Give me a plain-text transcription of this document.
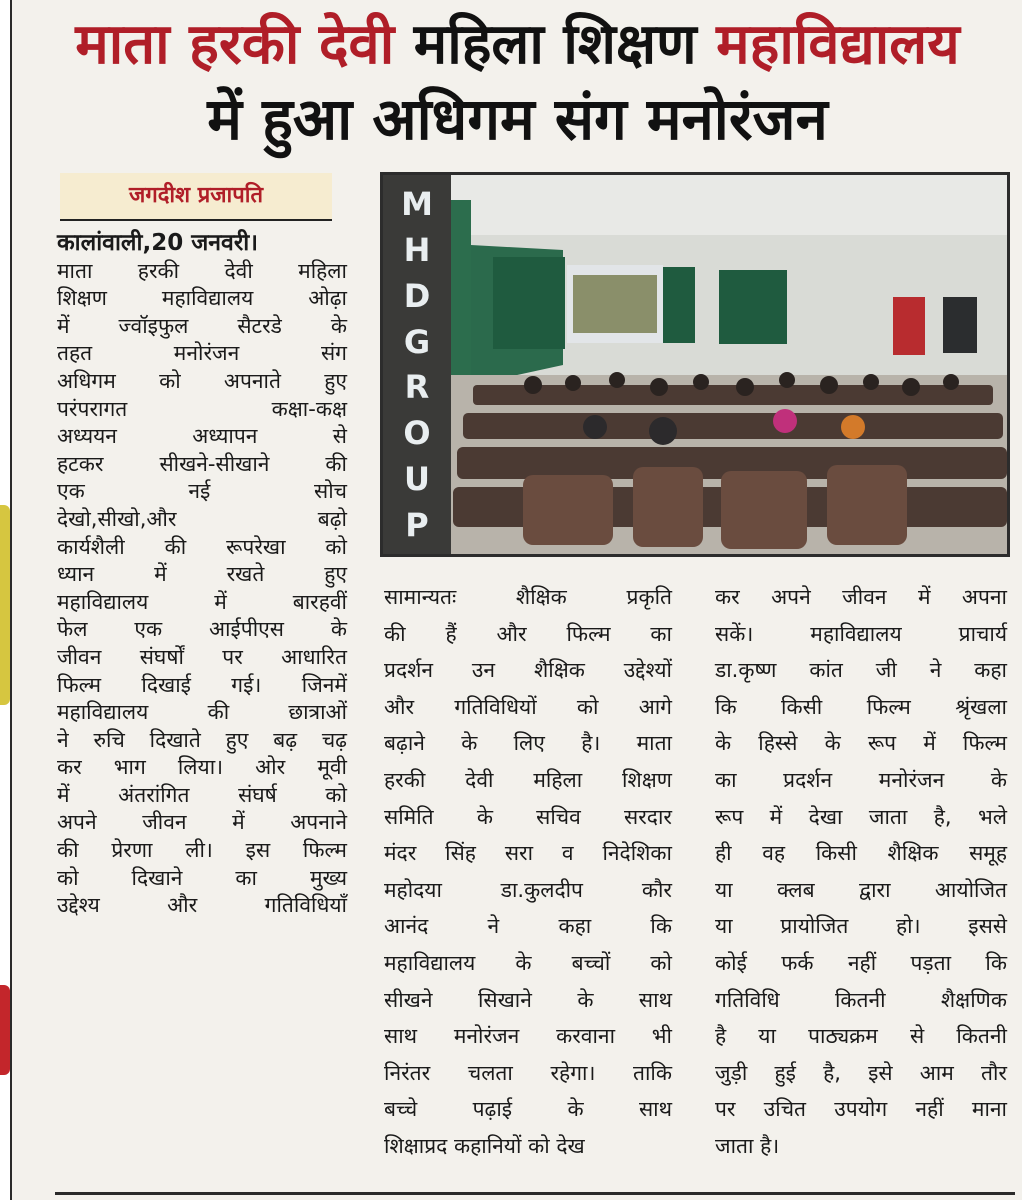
माता हरकी देवी महिला शिक्षण महाविद्यालय
में हुआ अधिगम संग मनोरंजन
जगदीश प्रजापति	M
H
D
G
R
O
U
P
कालांवाली,20 जनवरी।
माता हरकी देवी महिला
शिक्षण महाविद्यालय ओढ़ा
में ज्वॉइफुल सैटरडे के
तहत मनोरंजन संग
अधिगम को अपनाते हुए
परंपरागत कक्षा-कक्ष
अध्ययन अध्यापन से
हटकर सीखने-सीखाने की
एक नई सोच
देखो,सीखो,और बढ़ो
कार्यशैली की रूपरेखा को
ध्यान में रखते हुए
महाविद्यालय में बारहवीं
फेल एक आईपीएस के
जीवन संघर्षों पर आधारित
फिल्म दिखाई गई। जिनमें
महाविद्यालय की छात्राओं
ने रुचि दिखाते हुए बढ़ चढ़
कर भाग लिया। ओर मूवी
में अंतरांगित संघर्ष को
अपने जीवन में अपनाने
की प्रेरणा ली। इस फिल्म
को दिखाने का मुख्य
उद्देश्य और गतिविधियाँ
सामान्यतः शैक्षिक प्रकृति
की हैं और फिल्म का
प्रदर्शन उन शैक्षिक उद्देश्यों
और गतिविधियों को आगे
बढ़ाने के लिए है। माता
हरकी देवी महिला शिक्षण
समिति के सचिव सरदार
मंदर सिंह सरा व निदेशिका
महोदया डा.कुलदीप कौर
आनंद ने कहा कि
महाविद्यालय के बच्चों को
सीखने सिखाने के साथ
साथ मनोरंजन करवाना भी
निरंतर चलता रहेगा। ताकि
बच्चे पढ़ाई के साथ
शिक्षाप्रद कहानियों को देख
कर अपने जीवन में अपना
सकें। महाविद्यालय प्राचार्य
डा.कृष्ण कांत जी ने कहा
कि किसी फिल्म श्रृंखला
के हिस्से के रूप में फिल्म
का प्रदर्शन मनोरंजन के
रूप में देखा जाता है, भले
ही वह किसी शैक्षिक समूह
या क्लब द्वारा आयोजित
या प्रायोजित हो। इससे
कोई फर्क नहीं पड़ता कि
गतिविधि कितनी शैक्षणिक
है या पाठ्यक्रम से कितनी
जुड़ी हुई है, इसे आम तौर
पर उचित उपयोग नहीं माना
जाता है।
